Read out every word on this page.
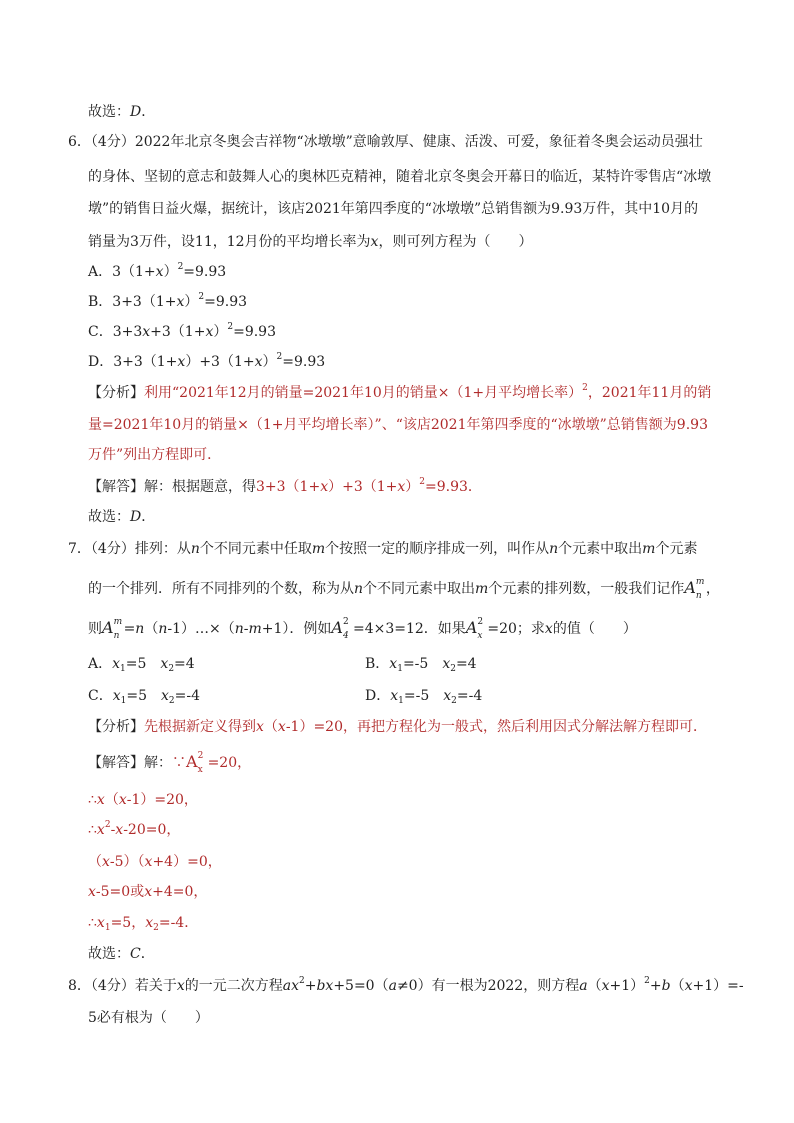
故选：D．
6．（4分）2022年北京冬奥会吉祥物“冰墩墩”意喻敦厚、健康、活泼、可爱，象征着冬奥会运动员强壮
的身体、坚韧的意志和鼓舞人心的奥林匹克精神，随着北京冬奥会开幕日的临近，某特许零售店“冰墩
墩”的销售日益火爆，据统计，该店2021年第四季度的“冰墩墩”总销售额为9.93万件，其中10月的
销量为3万件，设11，12月份的平均增长率为x，则可列方程为（　　）
A．$3(1+x)^2=9.93$
B．$3+3(1+x)^2=9.93$
C．$3+3x+3(1+x)^2=9.93$
D．$3+3(1+x)+3(1+x)^2=9.93$
【分析】利用“2021年12月的销量=2021年10月的销量×（1+月平均增长率）$^2$，2021年11月的销
量=2021年10月的销量×（1+月平均增长率）”、“该店2021年第四季度的“冰墩墩”总销售额为9.93
万件”列出方程即可．
【解答】解：根据题意，得$3+3(1+x)+3(1+x)^2=9.93$．
故选：D．
7．（4分）排列：从n个不同元素中任取m个按照一定的顺序排成一列，叫作从n个元素中取出m个元素
的一个排列．所有不同排列的个数，称为从n个不同元素中取出m个元素的排列数，一般我们记作A m
n ，
则A m
n =n（n-1）…×（n-m+1）．例如A 2
4 =4×3=12．如果A 2
x =20；求x的值（　　）
A．$x_1=5$　$x_2=4$	B．$x_1=-5$　$x_2=4$
C．$x_1=5$　$x_2=-4$	D．$x_1=-5$　$x_2=-4$
【分析】先根据新定义得到x（x-1）=20，再把方程化为一般式，然后利用因式分解法解方程即可．
【解答】解：∵A 2
x =20，
∴x（x-1）=20，
$\therefore x^2-x-20=0$，
（x-5）（x+4）=0，
x-5=0或x+4=0，
$\therefore x_1=5$，$x_2=-4$．
故选：C．
8．（4分）若关于x的一元二次方程$ax^2+bx+5=0(a\ne 0)$有一根为2022，则方程$a(x+1)^2+b(x+1)=-$
5必有根为（　　）
